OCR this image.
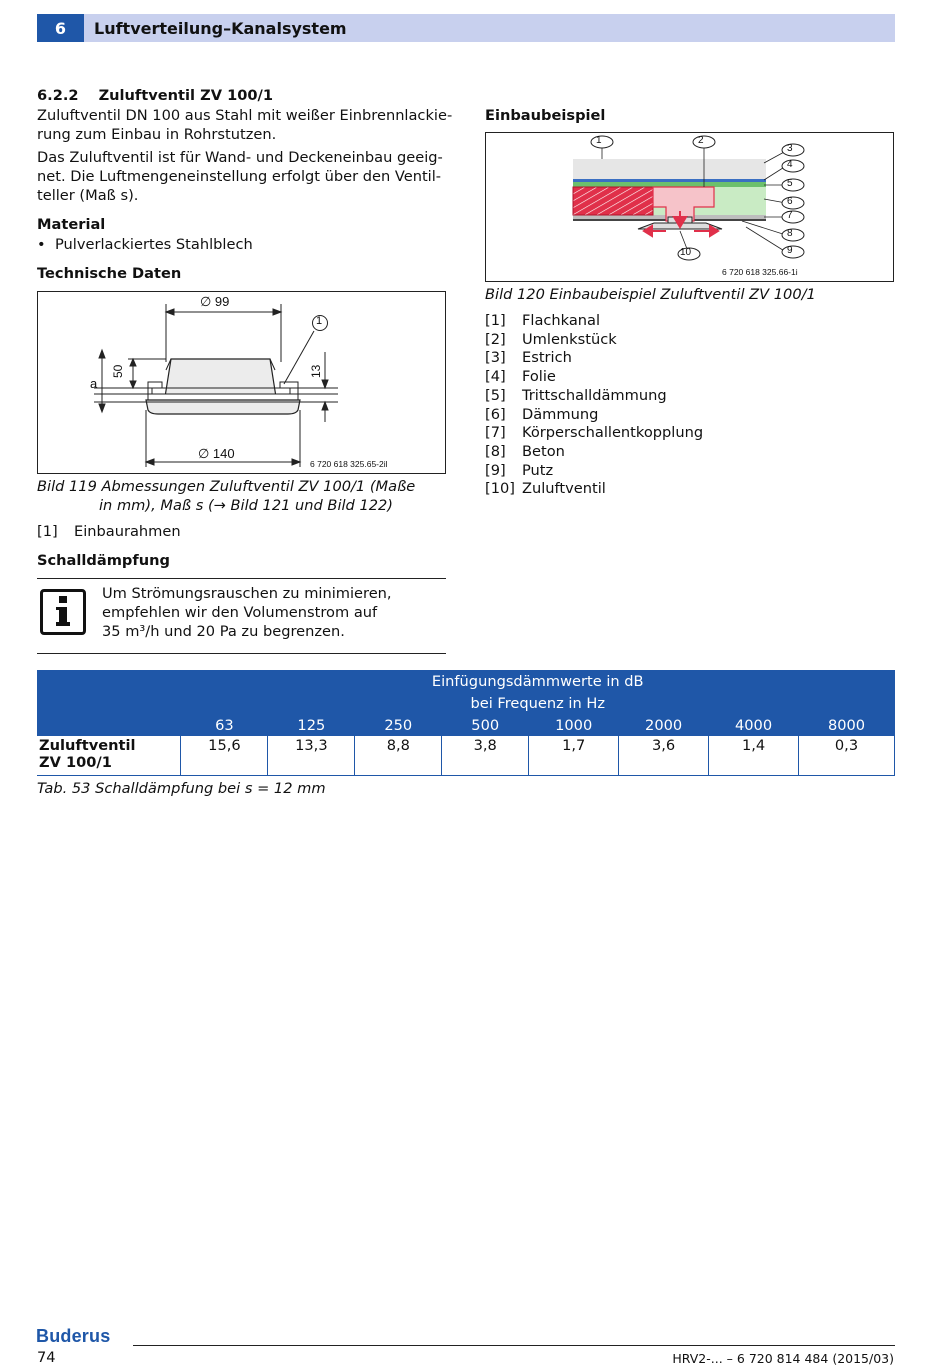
6	Luftverteilung–Kanalsystem
6.2.2 Zuluftventil ZV 100/1
Zuluftventil DN 100 aus Stahl mit weißer Einbrennlackie-
rung zum Einbau in Rohrstutzen.
Das Zuluftventil ist für Wand- und Deckeneinbau geeig-
net. Die Luftmengeneinstellung erfolgt über den Ventil-
teller (Maß s).
Material
• Pulverlackiertes Stahlblech
Technische Daten
∅ 99
∅ 140
50	13
a
1
6 720 618 325.65-2il
Bild 119 Abmessungen Zuluftventil ZV 100/1 (Maße
in mm), Maß s (→ Bild 121 und Bild 122)
[1] Einbaurahmen
Schalldämpfung
Um Strömungsrauschen zu minimieren,
empfehlen wir den Volumenstrom auf
35 m³/h und 20 Pa zu begrenzen.
Einbaubeispiel
1	2
3
4
5
6
7
8
9
10
6 720 618 325.66-1i
Bild 120 Einbaubeispiel Zuluftventil ZV 100/1
[1] Flachkanal
[2] Umlenkstück
[3] Estrich
[4] Folie
[5] Trittschalldämmung
[6] Dämmung
[7] Körperschallentkopplung
[8] Beton
[9] Putz
[10] Zuluftventil
	Einfügungsdämmwerte in dB							
	bei Frequenz in Hz							
	63	125	250	500	1000	2000	4000	8000

Zuluftventil
ZV 100/1	15,6	13,3	8,8	3,8	1,7	3,6	1,4	0,3
Tab. 53 Schalldämpfung bei s = 12 mm
Buderus
74	HRV2-... – 6 720 814 484 (2015/03)
